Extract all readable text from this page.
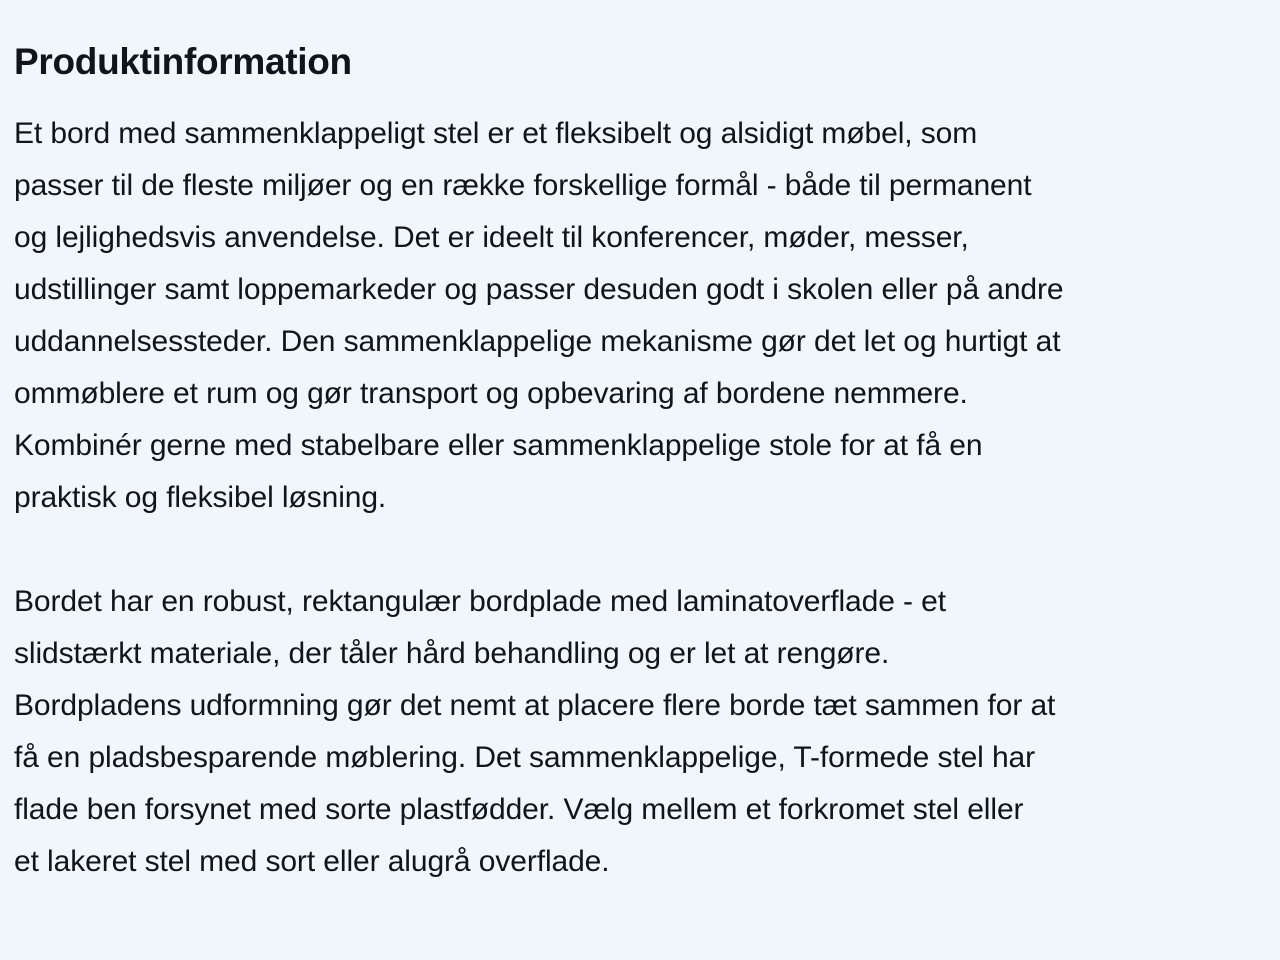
Produktinformation

Et bord med sammenklappeligt stel er et fleksibelt og alsidigt møbel, som
passer til de fleste miljøer og en række forskellige formål - både til permanent
og lejlighedsvis anvendelse. Det er ideelt til konferencer, møder, messer,
udstillinger samt loppemarkeder og passer desuden godt i skolen eller på andre
uddannelsessteder. Den sammenklappelige mekanisme gør det let og hurtigt at
ommøblere et rum og gør transport og opbevaring af bordene nemmere.
Kombinér gerne med stabelbare eller sammenklappelige stole for at få en
praktisk og fleksibel løsning.

Bordet har en robust, rektangulær bordplade med laminatoverflade - et
slidstærkt materiale, der tåler hård behandling og er let at rengøre.
Bordpladens udformning gør det nemt at placere flere borde tæt sammen for at
få en pladsbesparende møblering. Det sammenklappelige, T-formede stel har
flade ben forsynet med sorte plastfødder. Vælg mellem et forkromet stel eller
et lakeret stel med sort eller alugrå overflade.
